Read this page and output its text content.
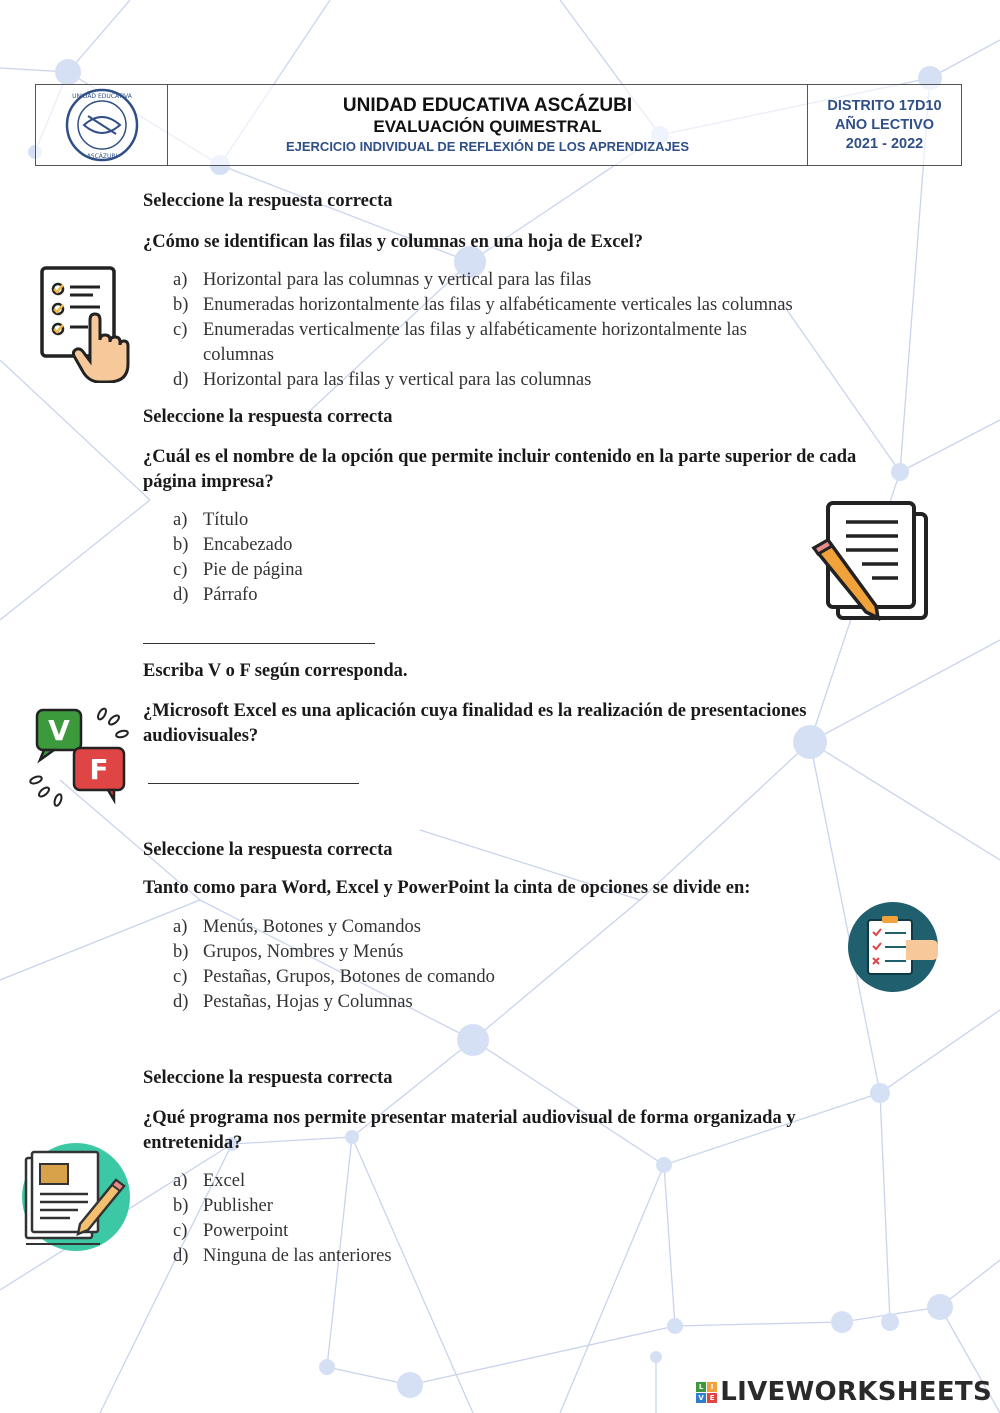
UNIDAD EDUCATIVA
ASCÁZUBI
UNIDAD EDUCATIVA ASCÁZUBI
EVALUACIÓN QUIMESTRAL
EJERCICIO INDIVIDUAL DE REFLEXIÓN DE LOS APRENDIZAJES
DISTRITO 17D10
AÑO LECTIVO
2021 - 2022
Seleccione la respuesta correcta
¿Cómo se identifican las filas y columnas en una hoja de Excel?
a) Horizontal para las columnas y vertical para las filas
b) Enumeradas horizontalmente las filas y alfabéticamente verticales las columnas
c) Enumeradas verticalmente las filas y alfabéticamente horizontalmente las columnas
d) Horizontal para las filas y vertical para las columnas
Seleccione la respuesta correcta
¿Cuál es el nombre de la opción que permite incluir contenido en la parte superior de cada página impresa?
a) Título
b) Encabezado
c) Pie de página
d) Párrafo
Escriba V o F según corresponda.
¿Microsoft Excel es una aplicación cuya finalidad es la realización de presentaciones audiovisuales?
V
F
Seleccione la respuesta correcta
Tanto como para Word, Excel y PowerPoint la cinta de opciones se divide en:
a) Menús, Botones y Comandos
b) Grupos, Nombres y Menús
c) Pestañas, Grupos, Botones de comando
d) Pestañas, Hojas y Columnas
Seleccione la respuesta correcta
¿Qué programa nos permite presentar material audiovisual de forma organizada y entretenida?
a) Excel
b) Publisher
c) Powerpoint
d) Ninguna de las anteriores
L	I
V E LIVEWORKSHEETS
